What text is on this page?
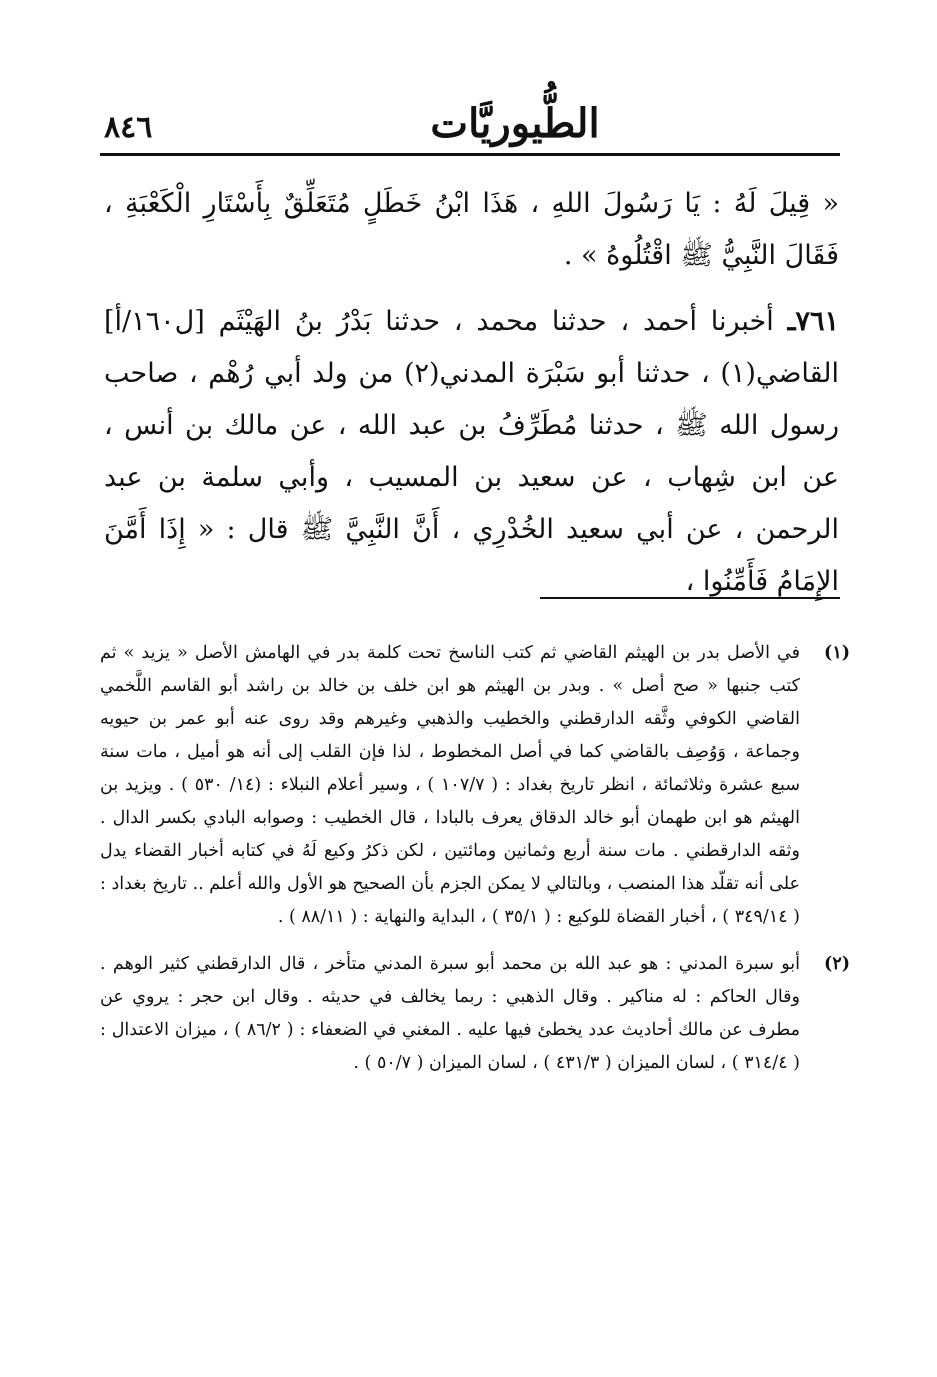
٨٤٦	الطُّيوريَّات

« قِيلَ لَهُ : يَا رَسُولَ اللهِ ، هَذَا ابْنُ خَطَلٍ مُتَعَلِّقٌ بِأَسْتَارِ الْكَعْبَةِ ، فَقَالَ النَّبِيُّ ﷺ اقْتُلُوهُ » .

٧٦١ـ أخبرنا أحمد ، حدثنا محمد ، حدثنا بَدْرُ بنُ الهَيْثَم [ل١٦٠/أ] القاضي(١) ، حدثنا أبو سَبْرَة المدني(٢) من ولد أبي رُهْم ، صاحب رسول الله ﷺ ، حدثنا مُطَرِّفُ بن عبد الله ، عن مالك بن أنس ، عن ابن شِهاب ، عن سعيد بن المسيب ، وأبي سلمة بن عبد الرحمن ، عن أبي سعيد الخُدْرِي ، أَنَّ النَّبِيَّ ﷺ قال : « إِذَا أَمَّنَ الإِمَامُ فَأَمِّنُوا ،

(١)
في الأصل بدر بن الهيثم القاضي ثم كتب الناسخ تحت كلمة بدر في الهامش الأصل « يزيد » ثم كتب جنبها « صح أصل » . وبدر بن الهيثم هو ابن خلف بن خالد بن راشد أبو القاسم اللَّخمي القاضي الكوفي وثَّقه الدارقطني والخطيب والذهبي وغيرهم وقد روى عنه أبو عمر بن حيويه وجماعة ، وَوُصِف بالقاضي كما في أصل المخطوط ، لذا فإن القلب إلى أنه هو أميل ، مات سنة سبع عشرة وثلاثمائة ، انظر تاريخ بغداد : ( ١٠٧/٧ ) ، وسير أعلام النبلاء : (١٤/ ٥٣٠ ) . ويزيد بن الهيثم هو ابن طهمان أبو خالد الدقاق يعرف بالبادا ، قال الخطيب : وصوابه البادي بكسر الدال . وثقه الدارقطني . مات سنة أربع وثمانين ومائتين ، لكن ذكرُ وكيع لَهُ في كتابه أخبار القضاء يدل على أنه تقلّد هذا المنصب ، وبالتالي لا يمكن الجزم بأن الصحيح هو الأول والله أعلم .. تاريخ بغداد : ( ٣٤٩/١٤ ) ، أخبار القضاة للوكيع : ( ٣٥/١ ) ، البداية والنهاية : ( ٨٨/١١ ) .
(٢)
أبو سبرة المدني : هو عبد الله بن محمد أبو سبرة المدني متأخر ، قال الدارقطني كثير الوهم . وقال الحاكم : له مناكير . وقال الذهبي : ربما يخالف في حديثه . وقال ابن حجر : يروي عن مطرف عن مالك أحاديث عدد يخطئ فيها عليه . المغني في الضعفاء : ( ٨٦/٢ ) ، ميزان الاعتدال : ( ٣١٤/٤ ) ، لسان الميزان ( ٤٣١/٣ ) ، لسان الميزان ( ٥٠/٧ ) .
